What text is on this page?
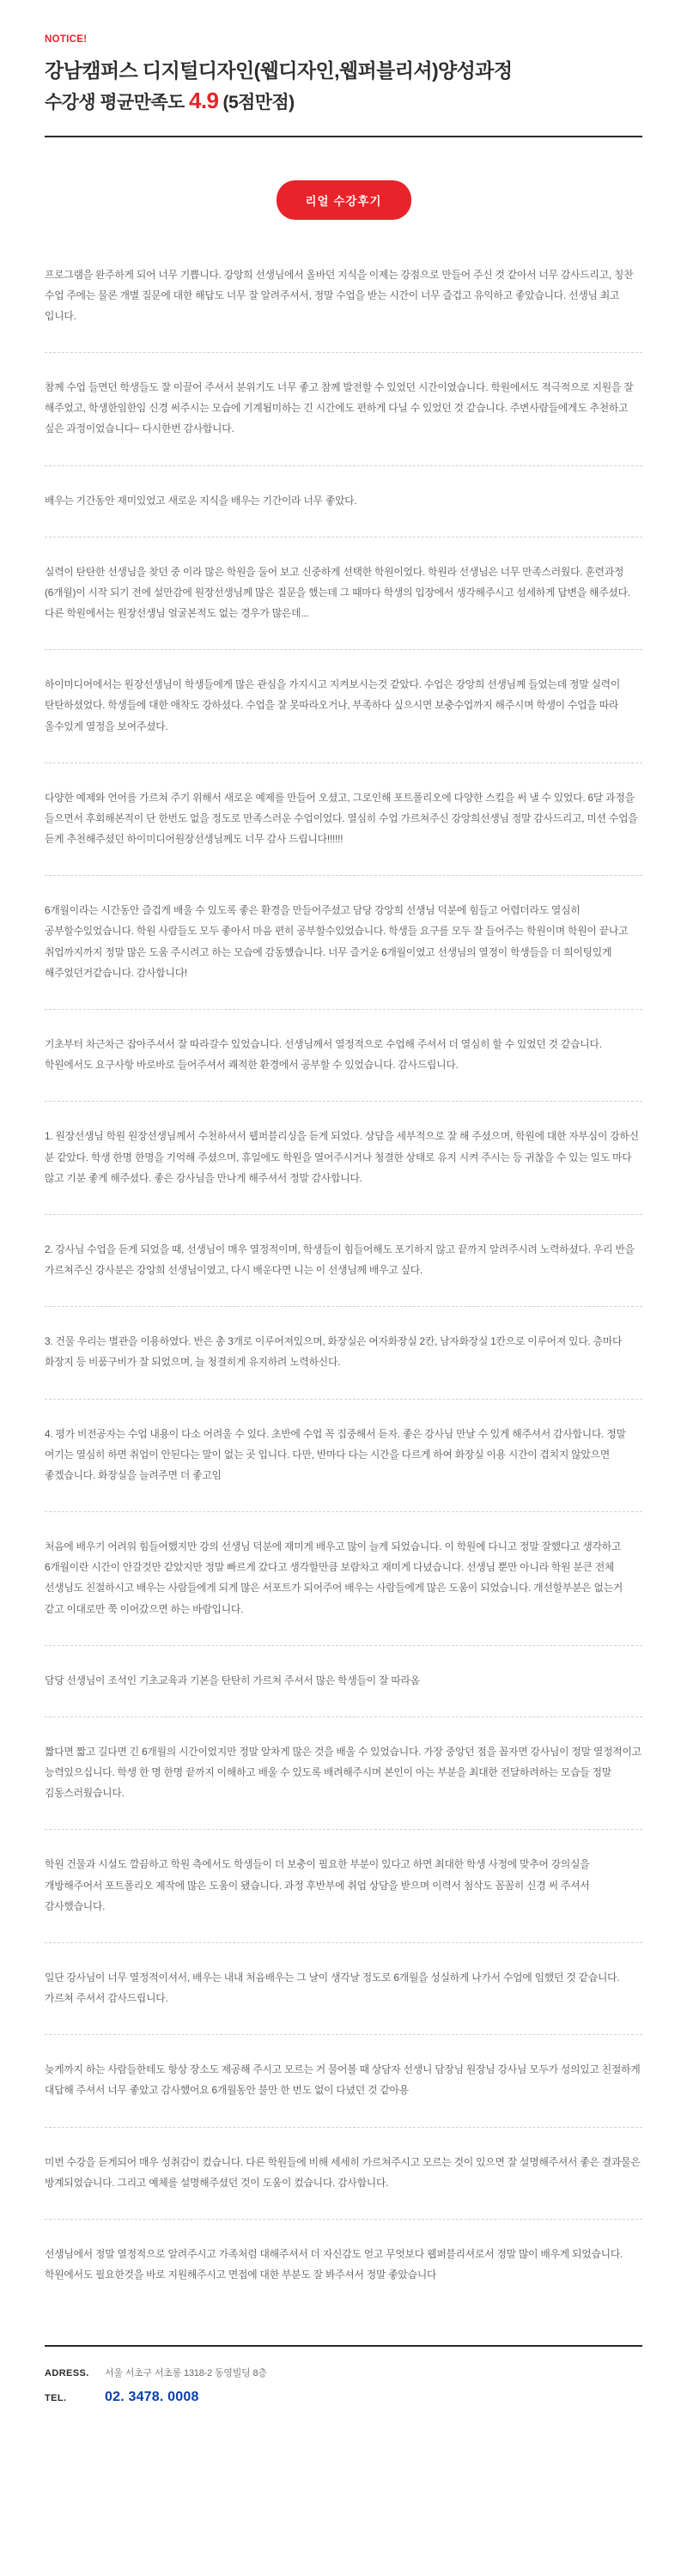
NOTICE!
강남캠퍼스 디지털디자인(웹디자인,웹퍼블리셔)양성과정
수강생 평균만족도 4.9 (5점만점)
리얼 수강후기
프로그램을 완주하게 되어 너무 기쁩니다. 강앙희 선생님에서 올바던 지식을 이제는 강점으로 만들어 주신 것 같아서 너무 감사드리고, 칭찬 수업 주에는 물론 개별 질문에 대한 해답도 너무 잘 알려주셔서, 정말 수업을 받는 시간이 너무 즐겁고 유익하고 좋았습니다. 선생님 최고 입니다.
참께 수업 들면던 학생들도 잘 이끌어 주셔서 분위기도 너무 좋고 참께 발전할 수 있었던 시간이였습니다. 학원에서도 적극적으로 지원을 잘 해주었고, 학생한임한임 신경 써주시는 모습에 기계됩미하는 긴 시간에도 편하게 다닐 수 있었던 것 같습니다. 주변사람들에게도 추천하고 싶은 과정이었습니다~ 다시한번 감사합니다.
배우는 기간동안 재미있었고 새로운 지식을 배우는 기간이라 너무 좋았다.
실력이 탄탄한 선생님을 찾던 중 이라 많은 학원을 둘어 보고 신중하게 선택한 학원이었다. 학원라 선생님은 너무 만족스러웠다. 훈련과정(6개월)이 시작 되기 전에 설만감에 원장선생님께 많은 질문을 했는데 그 때마다 학생의 입장에서 생각해주시고 섬세하게 답변을 해주셨다. 다른 학원에서는 원장선생님 얼굴본적도 없는 경우가 많은데...
하이미디어에서는 원장선생님이 학생들에게 많은 관심을 가지시고 지켜보시는것 같았다. 수업은 강앙희 선생님께 들었는데 정말 실력이 탄탄하셨었다. 학생들에 대한 애착도 강하셨다. 수업을 잘 못따라오거나, 부족하다 싶으시면 보충수업까지 해주시며 학생이 수업을 따라 올수있게 열정을 보여주셨다.
다양한 예제와 언어를 가르쳐 주기 위해서 새로운 예제를 만들어 오셨고, 그로인해 포트폴리오에 다양한 스킬을 써 낼 수 있었다. 6달 과정을 들으면서 후회해본적이 단 한번도 없을 정도로 만족스러운 수업이었다. 열심히 수업 가르쳐주신 강앙희선생님 정말 감사드리고, 미션 수업을 듣게 추천해주셨던 하이미디어원장선생님께도 너무 감사 드립니다!!!!!!
6개월이라는 시간동안 즐겁게 배울 수 있도록 좋은 환경을 만들어주셨고 담당 강앙희 선생님 덕분에 힘들고 어렵더라도 열심히 공부할수있었습니다. 학원 사람들도 모두 좋아서 마음 편히 공부할수있었습니다. 학생들 요구를 모두 잘 들어주는 학원이며 학원이 끝나고 취업까지까지 정말 많은 도움 주시려고 하는 모습에 감동했습니다. 너무 즐거운 6개월이였고 선생님의 열정이 학생들을 더 희이팅있게 해주었던거같습니다. 감사합니다!
기초부터 차근차근 잡아주셔서 잘 따라갈수 있었습니다. 선생님께서 열정적으로 수업해 주셔서 더 열심히 할 수 있었던 것 같습니다. 학원에서도 요구사항 바로바로 들어주셔서 쾌적한 환경에서 공부할 수 있었습니다. 감사드립니다.
1. 원장선생님 학원 원장선생님께서 수천하셔서 웹퍼블리싱을 듣게 되었다. 상담을 세부적으로 잘 해 주셨으며, 학원에 대한 자부심이 강하신 분 같았다. 학생 한명 한명을 기억해 주셨으며, 휴일에도 학원을 열어주시거나 청결한 상태로 유지 시켜 주시는 등 귀찮을 수 있는 일도 마다 않고 기분 좋게 해주셨다. 좋은 강사님을 만나게 해주셔서 정말 감사합니다.
2. 강사님 수업을 듣게 되었을 때, 선생님이 매우 열정적이며, 학생들이 힘들어해도 포기하지 않고 끝까지 알려주시려 노력하셨다. 우리 반을 가르쳐주신 강사분은 강앙희 선생님이였고, 다시 배운다면 니는 이 선생님께 배우고 싶다.
3. 건물 우리는 별관을 이용하였다. 반은 총 3개로 이루어져있으며, 화장실은 여자화장실 2칸, 남자화장실 1칸으로 이루어져 있다. 층마다 화장지 등 비품구비가 잘 되었으며, 늘 청결히게 유지하려 노력하신다.
4. 평가 비전공자는 수업 내용이 다소 어려울 수 있다. 초반에 수업 꼭 집중해서 듣자. 좋은 강사님 만날 수 있게 해주셔서 감사합니다. 정말 여기는 열심히 하면 취업이 안된다는 말이 없는 곳 입니다. 다만, 반마다 다는 시간을 다르게 하여 화장실 이용 시간이 겹치지 않았으면 좋겠습니다. 화장실을 늘려주면 더 좋고임
처음에 배우기 어려워 힘들어했지만 강의 선생님 덕분에 재미게 배우고 많이 늘게 되었습니다. 이 학원에 다니고 정말 잘했다고 생각하고 6개월이란 시간이 안갈것만 같았지만 정말 빠르게 갔다고 생각할만큼 보람차고 재미게 다녔습니다. 선생님 뿐만 아니라 학원 분큰 전체 선생님도 친절하시고 배우는 사람들에게 되게 많은 서포트가 되어주어 배우는 사람들에게 많은 도움이 되었습니다. 개선할부분은 없는거 같고 이대로만 쭉 이어갔으면 하는 바람입니다.
담당 선생님이 조석인 기초교육과 기본을 탄탄히 가르쳐 주셔서 많은 학생들이 잘 따라옴
짧다면 짧고 길다면 긴 6개월의 시간이었지만 정말 알차게 많은 것을 배울 수 있었습니다. 가장 중앙던 점을 꼽자면 강사님이 정말 열정적이고 능력있으십니다. 학생 한 명 한명 끝까지 이해하고 배울 수 있도록 배려해주시며 본인이 아는 부분을 최대한 전달하려하는 모습들 정말 김동스러웠습니다.
학원 건물과 시설도 깔끔하고 학원 측에서도 학생들이 더 보충이 필요한 부분이 있다고 하면 최대한 학생 사정에 맞추어 강의실을 개방해주어서 포트폴리오 제작에 많은 도움이 됐습니다. 과정 후반부에 취업 상담을 받으며 이력서 첨삭도 꼼꼼히 신경 써 주셔서 감사했습니다.
일단 강사님이 너무 열정적이셔서, 배우는 내내 처음배우는 그 날이 생각날 정도로 6개월을 성실하게 나가서 수업에 임했던 것 같습니다. 가르쳐 주셔서 감사드립니다.
늦게까지 하는 사람들한테도 항상 장소도 제공해 주시고 모르는 거 물어볼 때 상담자 선생니 담장님 원장님 강사님 모두가 성의있고 친절하게 대답해 주셔서 너무 좋았고 감사했어요 6개월동안 불만 한 번도 없이 다녔던 것 같아용
미번 수강을 듣게되어 매우 성취감이 컸습니다. 다른 학원들에 비해 세세히 가르쳐주시고 모르는 것이 있으면 잘 설명해주셔서 좋은 결과물은 방계되었습니다. 그리고 예체를 설명해주셨던 것이 도움이 컸습니다. 감사합니다.
선생님에서 정말 열정적으로 알려주시고 가족처럼 대해주셔서 더 자신감도 얻고 무엇보다 웹퍼블리셔로서 정말 많이 배우게 되었습니다. 학원에서도 필요한것을 바로 지원해주시고 면접에 대한 부분도 잘 봐주셔서 정말 좋았습니다
ADRESS.	서울 서초구 서초롱 1318-2 동영빌딩 8층
TEL.	02. 3478. 0008
